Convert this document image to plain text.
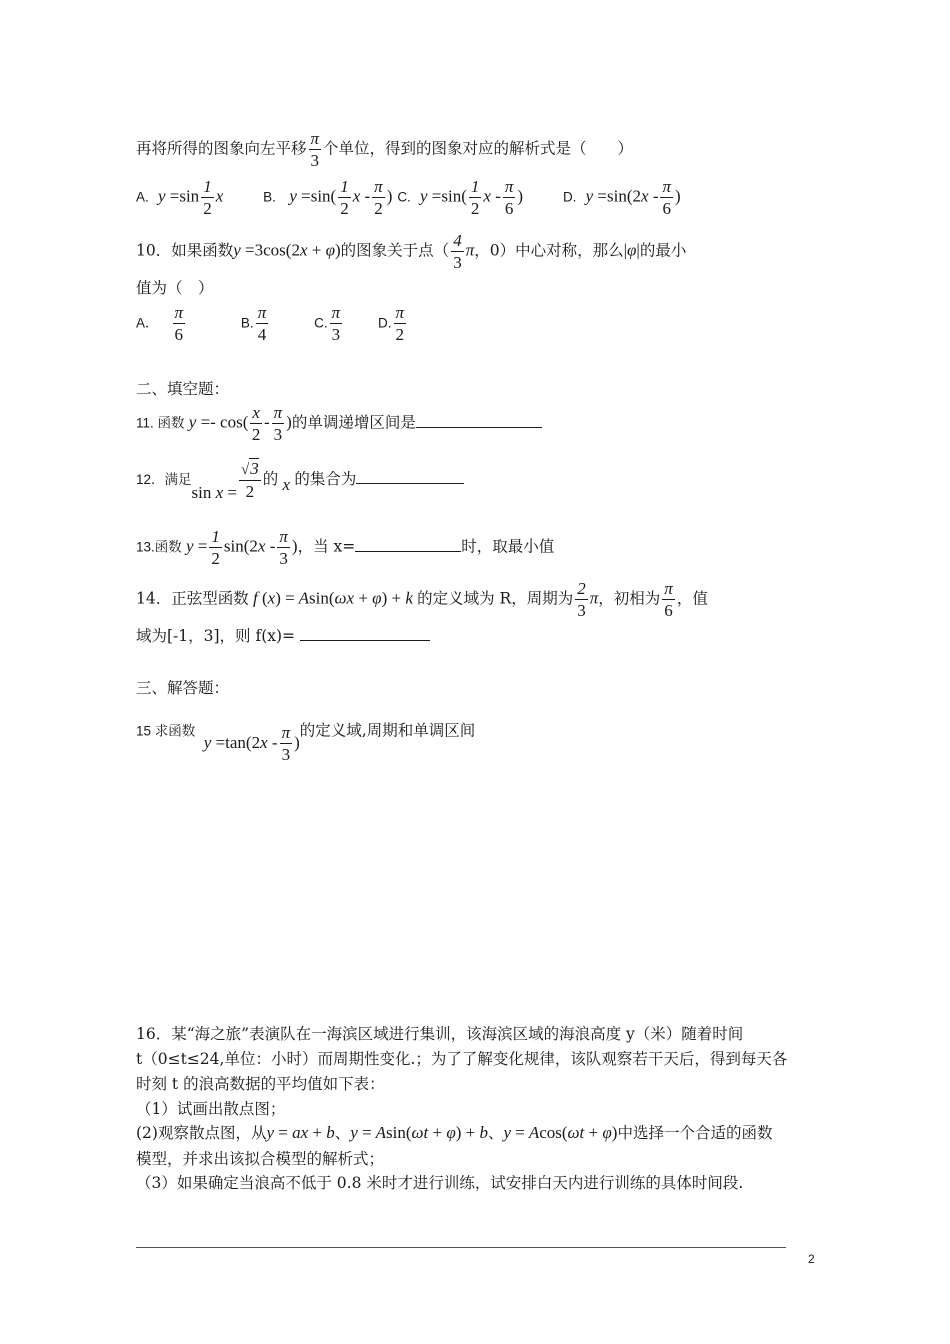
再将所得的图象向左平移 $\frac{\pi}{3}$ 个单位，得到的图象对应的解析式是（　　）
A.  $y =\sin \frac{1}{2}$ x	B.   $y =\sin( \frac{1}{2}$ x - $\frac{\pi}{2}$ ) C.  $y =\sin( \frac{1}{2}$ x - $\frac{\pi}{6}$ )	D.  $y =\sin(2x - \frac{\pi}{6}$ )
10．如果函数y =3cos(2x + φ)的图象关于点（ $\frac{4}{3}$ π，0）中心对称，那么|φ|的最小
值为（　）
A． $\frac{\pi}{6}$	B. $\frac{\pi}{4}$	C. $\frac{\pi}{3}$	D. $\frac{\pi}{2}$
二、填空题：
11. 函数 $y =- \cos( \frac{x}{2} - \frac{\pi}{3}$ )的单调递增区间是
12．满足$\sin x = \frac{√3}{2}$ 的 x 的集合为
13.函数 $y = \frac{1}{2} \sin(2x - \frac{\pi}{3}$ )，当 x=	时，取最小值
14．正弦型函数 f (x) = Asin(ωx + φ) + k 的定义域为 R，周期为 $\frac{2}{3}$ π，初相为 $\frac{\pi}{6}$ ，值
域为[-1，3]，则 f(x)=
三、解答题：
15 求函数  $y =\tan(2x - \frac{\pi}{3}$ )的定义域,周期和单调区间
16．某“海之旅”表演队在一海滨区域进行集训，该海滨区域的海浪高度 y（米）随着时间
t（0≤t≤24,单位：小时）而周期性变化.；为了了解变化规律，该队观察若干天后，得到每天各
时刻 t 的浪高数据的平均值如下表：
（1）试画出散点图；
(2)观察散点图，从y = ax + b、y = Asin(ωt + φ) + b、y = Acos(ωt + φ)中选择一个合适的函数
模型，并求出该拟合模型的解析式；
（3）如果确定当浪高不低于 0.8 米时才进行训练，试安排白天内进行训练的具体时间段.
2
